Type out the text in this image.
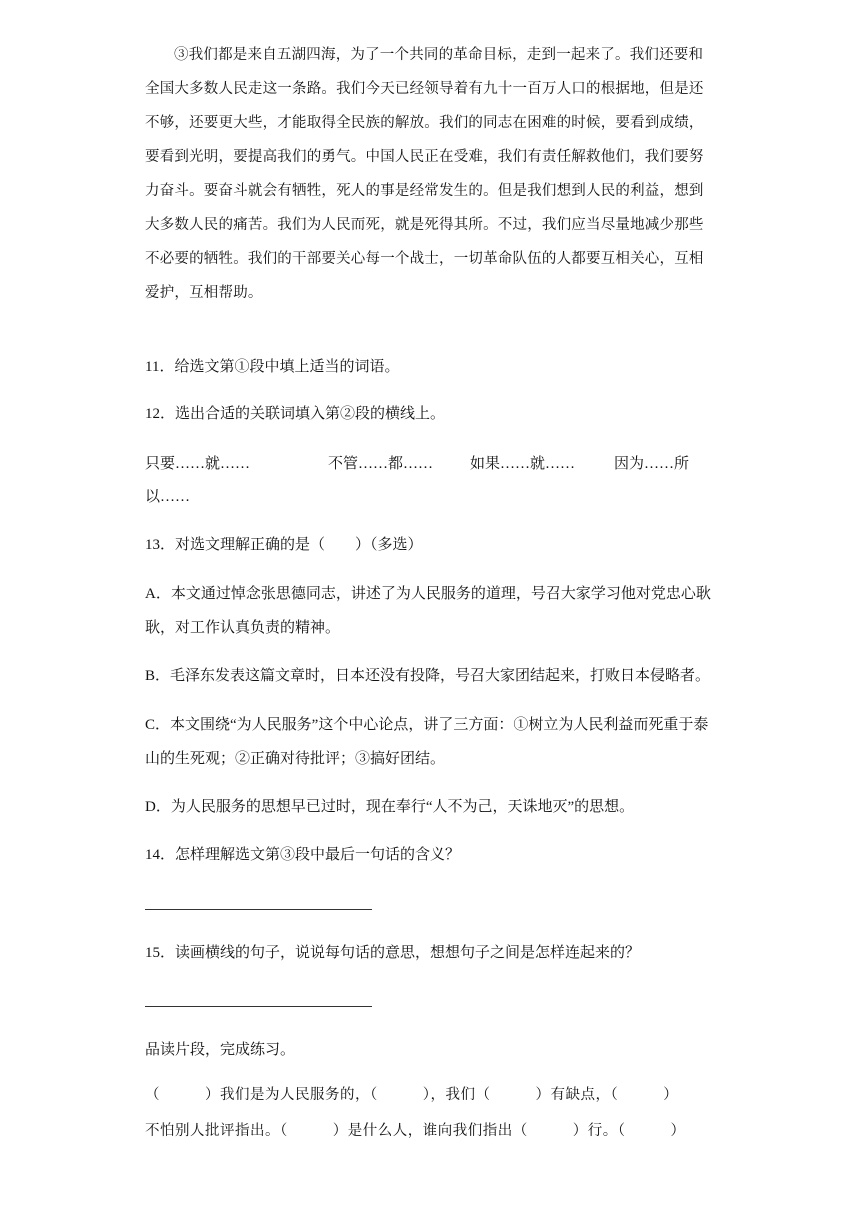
③我们都是来自五湖四海，为了一个共同的革命目标，走到一起来了。我们还要和全国大多数人民走这一条路。我们今天已经领导着有九十一百万人口的根据地，但是还不够，还要更大些，才能取得全民族的解放。我们的同志在困难的时候，要看到成绩，要看到光明，要提高我们的勇气。中国人民正在受难，我们有责任解救他们，我们要努力奋斗。要奋斗就会有牺牲，死人的事是经常发生的。但是我们想到人民的利益，想到大多数人民的痛苦。我们为人民而死，就是死得其所。不过，我们应当尽量地减少那些不必要的牺牲。我们的干部要关心每一个战士，一切革命队伍的人都要互相关心，互相爱护，互相帮助。

11．给选文第①段中填上适当的词语。

12．选出合适的关联词填入第②段的横线上。

只要……就……	不管……都…… 如果……就……	因为……所
以……

13．对选文理解正确的是（　　）（多选）

A．本文通过悼念张思德同志，讲述了为人民服务的道理，号召大家学习他对党忠心耿耿，对工作认真负责的精神。

B．毛泽东发表这篇文章时，日本还没有投降，号召大家团结起来，打败日本侵略者。

C．本文围绕“为人民服务”这个中心论点，讲了三方面：①树立为人民利益而死重于泰山的生死观；②正确对待批评；③搞好团结。

D．为人民服务的思想早已过时，现在奉行“人不为己，天诛地灭”的思想。

14．怎样理解选文第③段中最后一句话的含义？

15．读画横线的句子，说说每句话的意思，想想句子之间是怎样连起来的？

品读片段，完成练习。

（　　　）我们是为人民服务的，（　　　），我们（　　　）有缺点，（　　　）

不怕别人批评指出。（　　　）是什么人，谁向我们指出（　　　）行。（　　　）
